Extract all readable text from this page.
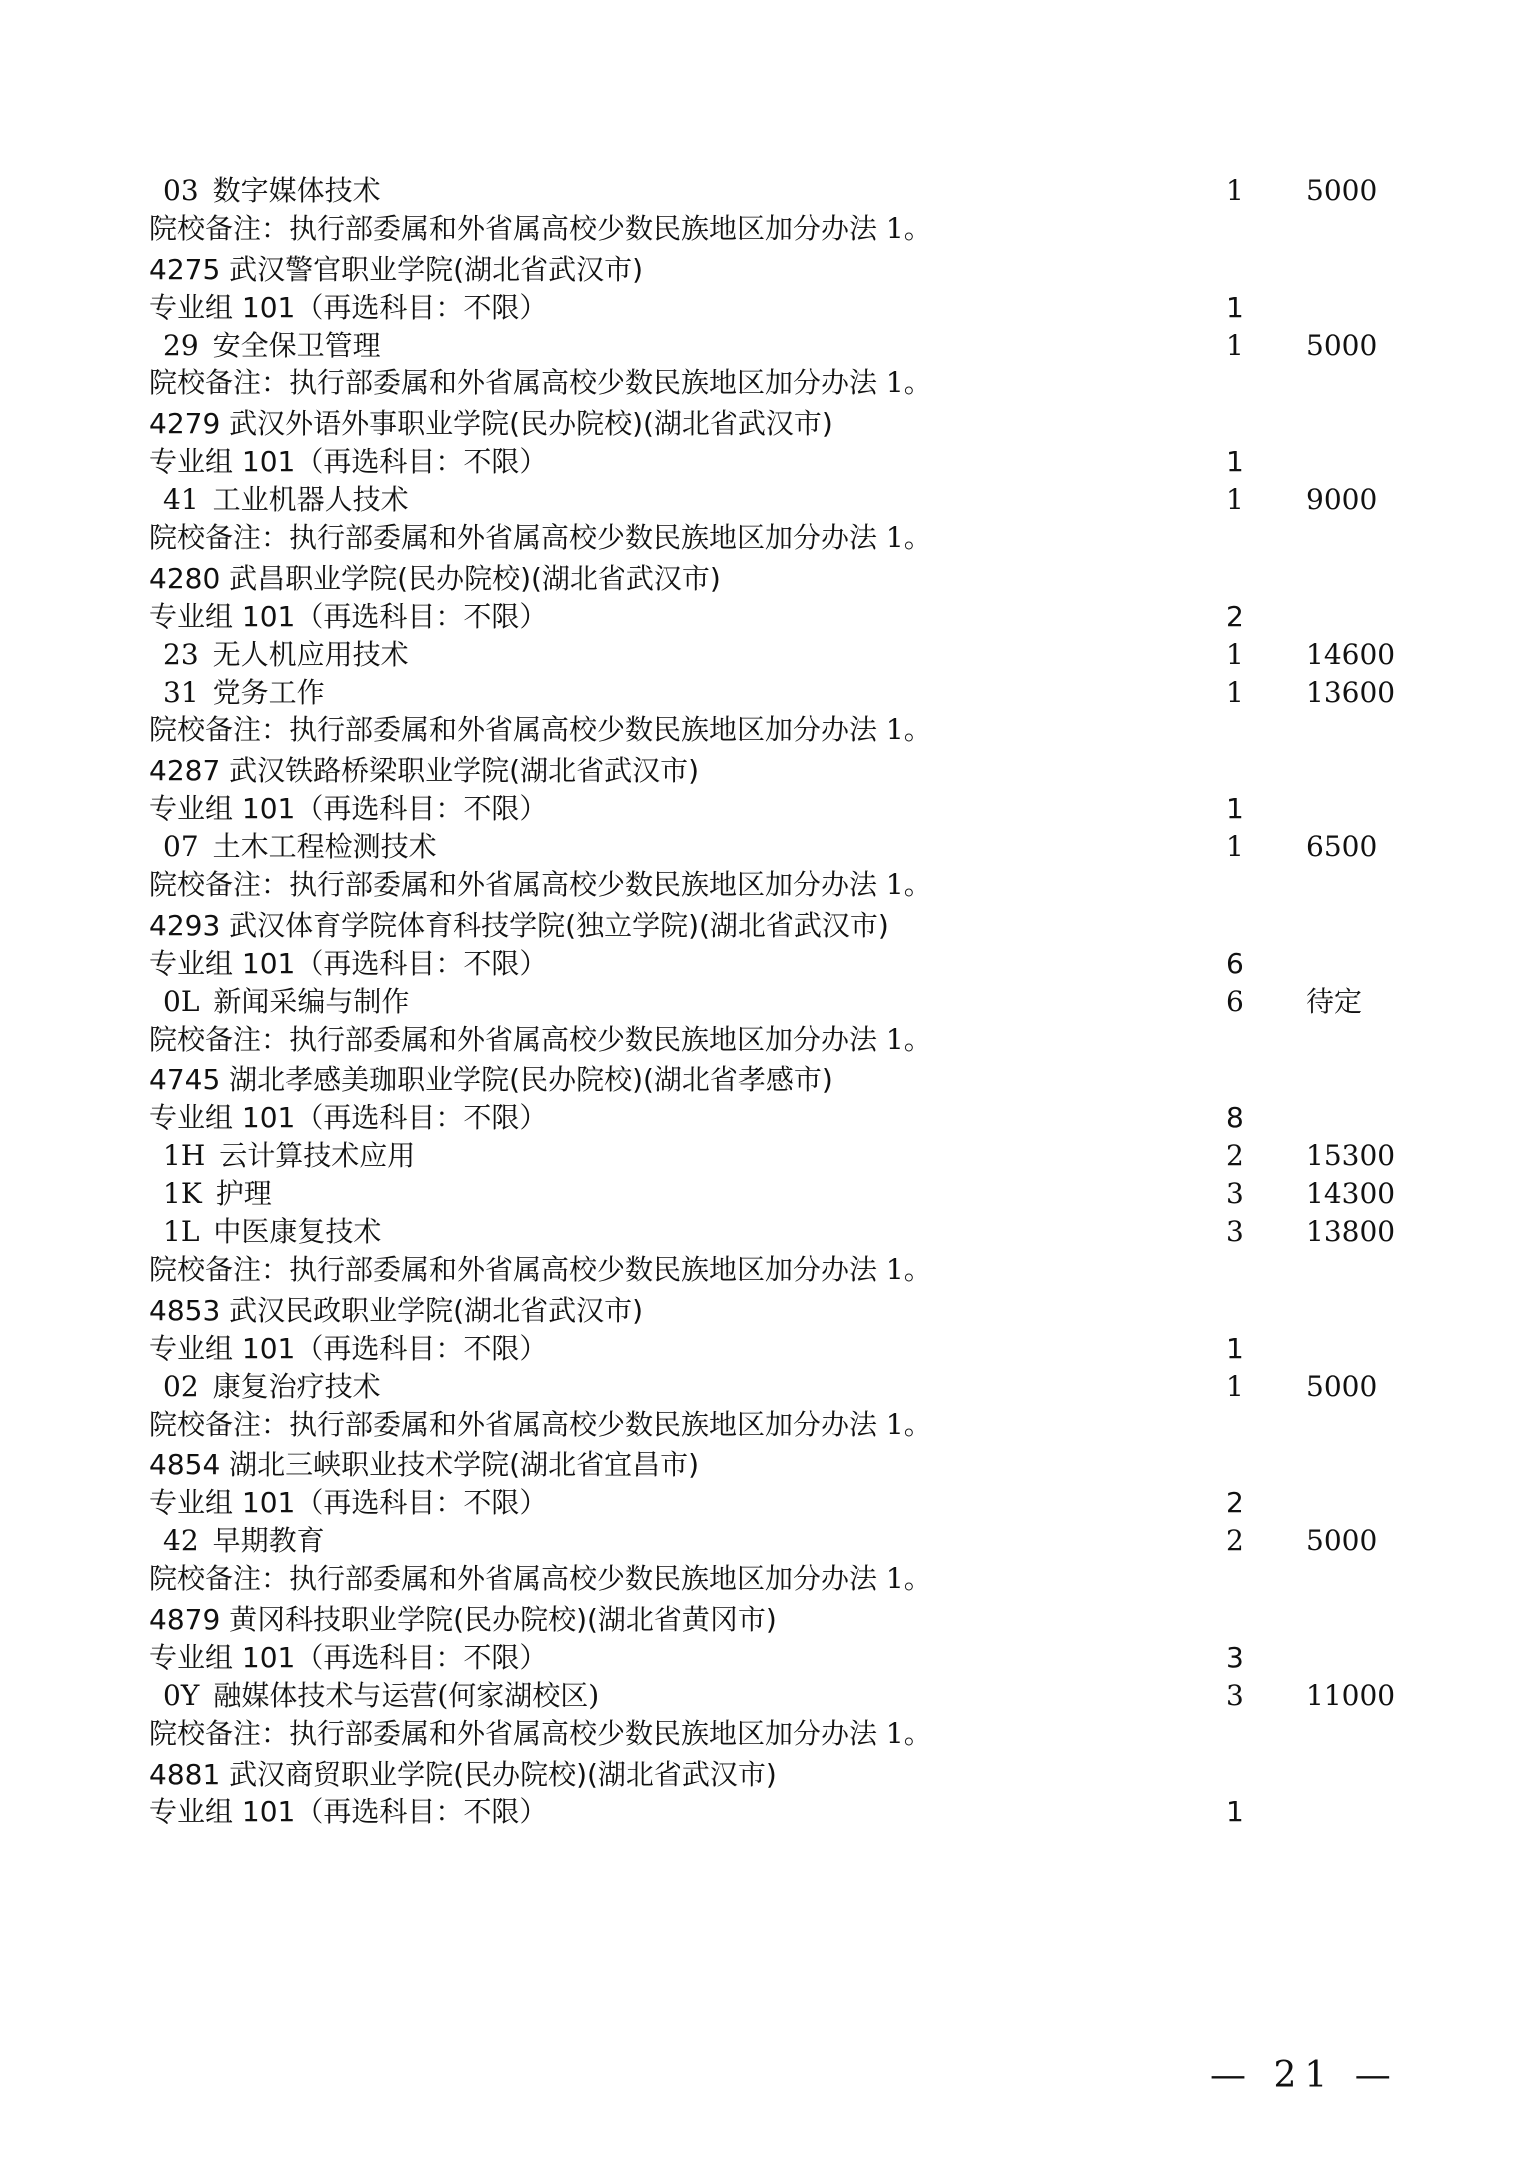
03 数字媒体技术	1	5000
院校备注：执行部委属和外省属高校少数民族地区加分办法 1。
4275 武汉警官职业学院(湖北省武汉市)
专业组 101（再选科目：不限）	1
29 安全保卫管理	1	5000
院校备注：执行部委属和外省属高校少数民族地区加分办法 1。
4279 武汉外语外事职业学院(民办院校)(湖北省武汉市)
专业组 101（再选科目：不限）	1
41 工业机器人技术	1	9000
院校备注：执行部委属和外省属高校少数民族地区加分办法 1。
4280 武昌职业学院(民办院校)(湖北省武汉市)
专业组 101（再选科目：不限）	2
23 无人机应用技术	1	14600
31 党务工作	1	13600
院校备注：执行部委属和外省属高校少数民族地区加分办法 1。
4287 武汉铁路桥梁职业学院(湖北省武汉市)
专业组 101（再选科目：不限）	1
07 土木工程检测技术	1	6500
院校备注：执行部委属和外省属高校少数民族地区加分办法 1。
4293 武汉体育学院体育科技学院(独立学院)(湖北省武汉市)
专业组 101（再选科目：不限）	6
0L 新闻采编与制作	6	待定
院校备注：执行部委属和外省属高校少数民族地区加分办法 1。
4745 湖北孝感美珈职业学院(民办院校)(湖北省孝感市)
专业组 101（再选科目：不限）	8
1H 云计算技术应用	2	15300
1K 护理	3	14300
1L 中医康复技术	3	13800
院校备注：执行部委属和外省属高校少数民族地区加分办法 1。
4853 武汉民政职业学院(湖北省武汉市)
专业组 101（再选科目：不限）	1
02 康复治疗技术	1	5000
院校备注：执行部委属和外省属高校少数民族地区加分办法 1。
4854 湖北三峡职业技术学院(湖北省宜昌市)
专业组 101（再选科目：不限）	2
42 早期教育	2	5000
院校备注：执行部委属和外省属高校少数民族地区加分办法 1。
4879 黄冈科技职业学院(民办院校)(湖北省黄冈市)
专业组 101（再选科目：不限）	3
0Y 融媒体技术与运营(何家湖校区)	3	11000
院校备注：执行部委属和外省属高校少数民族地区加分办法 1。
4881 武汉商贸职业学院(民办院校)(湖北省武汉市)
专业组 101（再选科目：不限）	1
— 21 —
